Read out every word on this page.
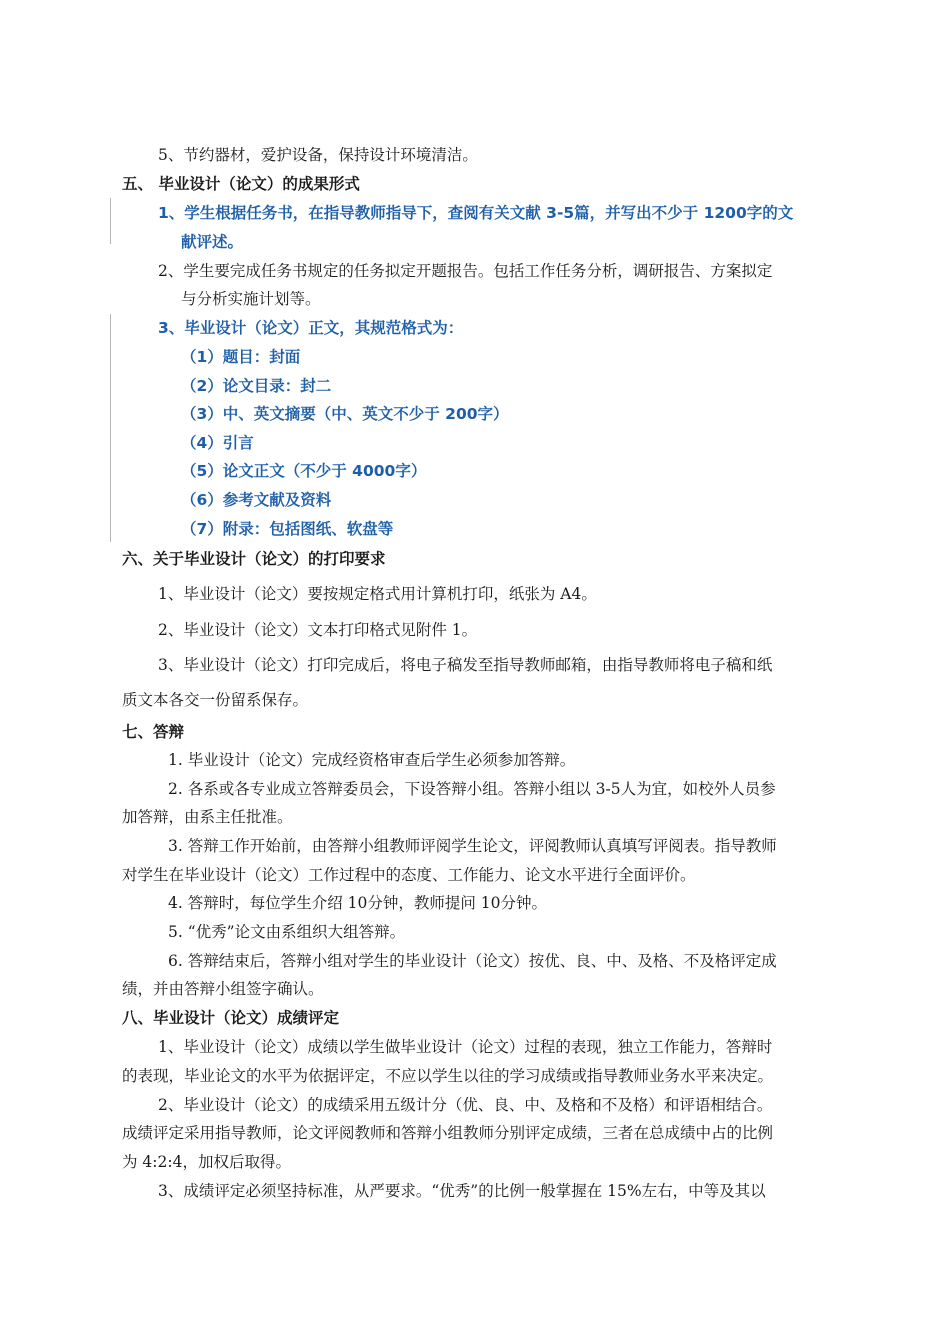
5、节约器材，爱护设备，保持设计环境清洁。

五、 毕业设计（论文）的成果形式

1、学生根据任务书，在指导教师指导下，查阅有关文献 3-5篇，并写出不少于 1200字的文

献评述。

2、学生要完成任务书规定的任务拟定开题报告。包括工作任务分析，调研报告、方案拟定

与分析实施计划等。

3、毕业设计（论文）正文，其规范格式为：

（1）题目：封面

（2）论文目录：封二

（3）中、英文摘要（中、英文不少于 200字）

（4）引言

（5）论文正文（不少于 4000字）

（6）参考文献及资料

（7）附录：包括图纸、软盘等

六、关于毕业设计（论文）的打印要求

1、毕业设计（论文）要按规定格式用计算机打印，纸张为 A4。

2、毕业设计（论文）文本打印格式见附件 1。

3、毕业设计（论文）打印完成后，将电子稿发至指导教师邮箱，由指导教师将电子稿和纸

质文本各交一份留系保存。

七、答辩

1. 毕业设计（论文）完成经资格审查后学生必须参加答辩。

2. 各系或各专业成立答辩委员会，下设答辩小组。答辩小组以 3-5人为宜，如校外人员参

加答辩，由系主任批准。

3. 答辩工作开始前，由答辩小组教师评阅学生论文，评阅教师认真填写评阅表。指导教师

对学生在毕业设计（论文）工作过程中的态度、工作能力、论文水平进行全面评价。

4. 答辩时，每位学生介绍 10分钟，教师提问 10分钟。

5. “优秀”论文由系组织大组答辩。

6. 答辩结束后，答辩小组对学生的毕业设计（论文）按优、良、中、及格、不及格评定成

绩，并由答辩小组签字确认。

八、毕业设计（论文）成绩评定

1、毕业设计（论文）成绩以学生做毕业设计（论文）过程的表现，独立工作能力，答辩时

的表现，毕业论文的水平为依据评定，不应以学生以往的学习成绩或指导教师业务水平来决定。

2、毕业设计（论文）的成绩采用五级计分（优、良、中、及格和不及格）和评语相结合。

成绩评定采用指导教师，论文评阅教师和答辩小组教师分别评定成绩，三者在总成绩中占的比例

为 4:2:4，加权后取得。

3、成绩评定必须坚持标准，从严要求。“优秀”的比例一般掌握在 15%左右，中等及其以
